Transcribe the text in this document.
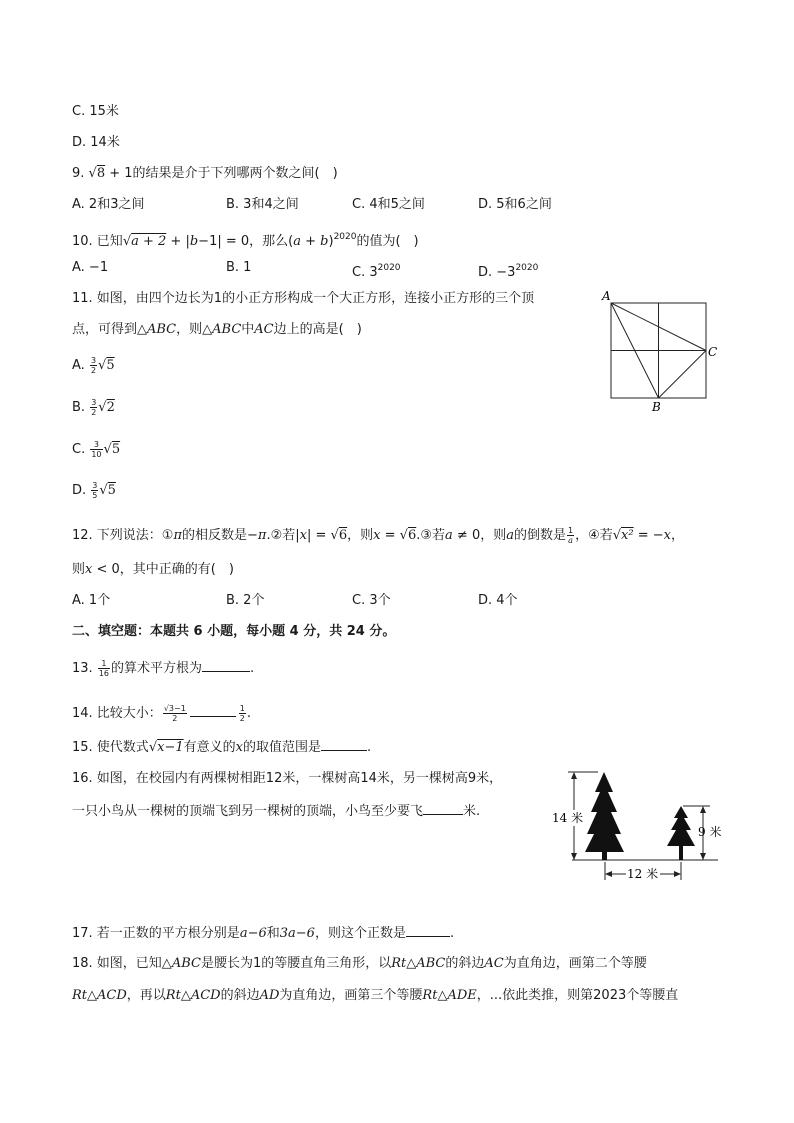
C. 15米
D. 14米
9. √8 + 1的结果是介于下列哪两个数之间(　)
A. 2和3之间	B. 3和4之间	C. 4和5之间	D. 5和6之间
10. 已知√a + 2 + |b−1| = 0，那么$(a + b)^{2020}$的值为(　)
A. −1	B. 1	C. $3^{2020}$	D. $-3^{2020}$
11. 如图，由四个边长为1的小正方形构成一个大正方形，连接小正方形的三个顶
点，可得到△ABC，则△ABC中AC边上的高是(　)
A. $\frac{3}{2} √5$
B. $\frac{3}{2} √2$
C. $\frac{3}{10} √5$
D. $\frac{3}{5} √5$
A
C
B
12. 下列说法：①π的相反数是−π.②若|x| = √6，则x = √6.③若a ≠ 0，则a的倒数是 $\frac{1}{a}$ ，④若√x² = −x，
则x < 0，其中正确的有(　)
A. 1个	B. 2个	C. 3个	D. 4个
二、填空题：本题共 6 小题，每小题 4 分，共 24 分。
13. $\frac{1}{16}$ 的算术平方根为	.
14. 比较大小： $\frac{√3-1}{2}$	$\frac{1}{2}$ .
15. 使代数式√x−1有意义的x的取值范围是	.
16. 如图，在校园内有两棵树相距12米，一棵树高14米，另一棵树高9米，
一只小鸟从一棵树的顶端飞到另一棵树的顶端，小鸟至少要飞	米.	14 米
9 米
12 米
17. 若一正数的平方根分别是a−6和3a−6，则这个正数是	.
18. 如图，已知△ABC是腰长为1的等腰直角三角形，以Rt△ABC的斜边AC为直角边，画第二个等腰
Rt△ACD，再以Rt△ACD的斜边AD为直角边，画第三个等腰Rt△ADE，...依此类推，则第2023个等腰直
